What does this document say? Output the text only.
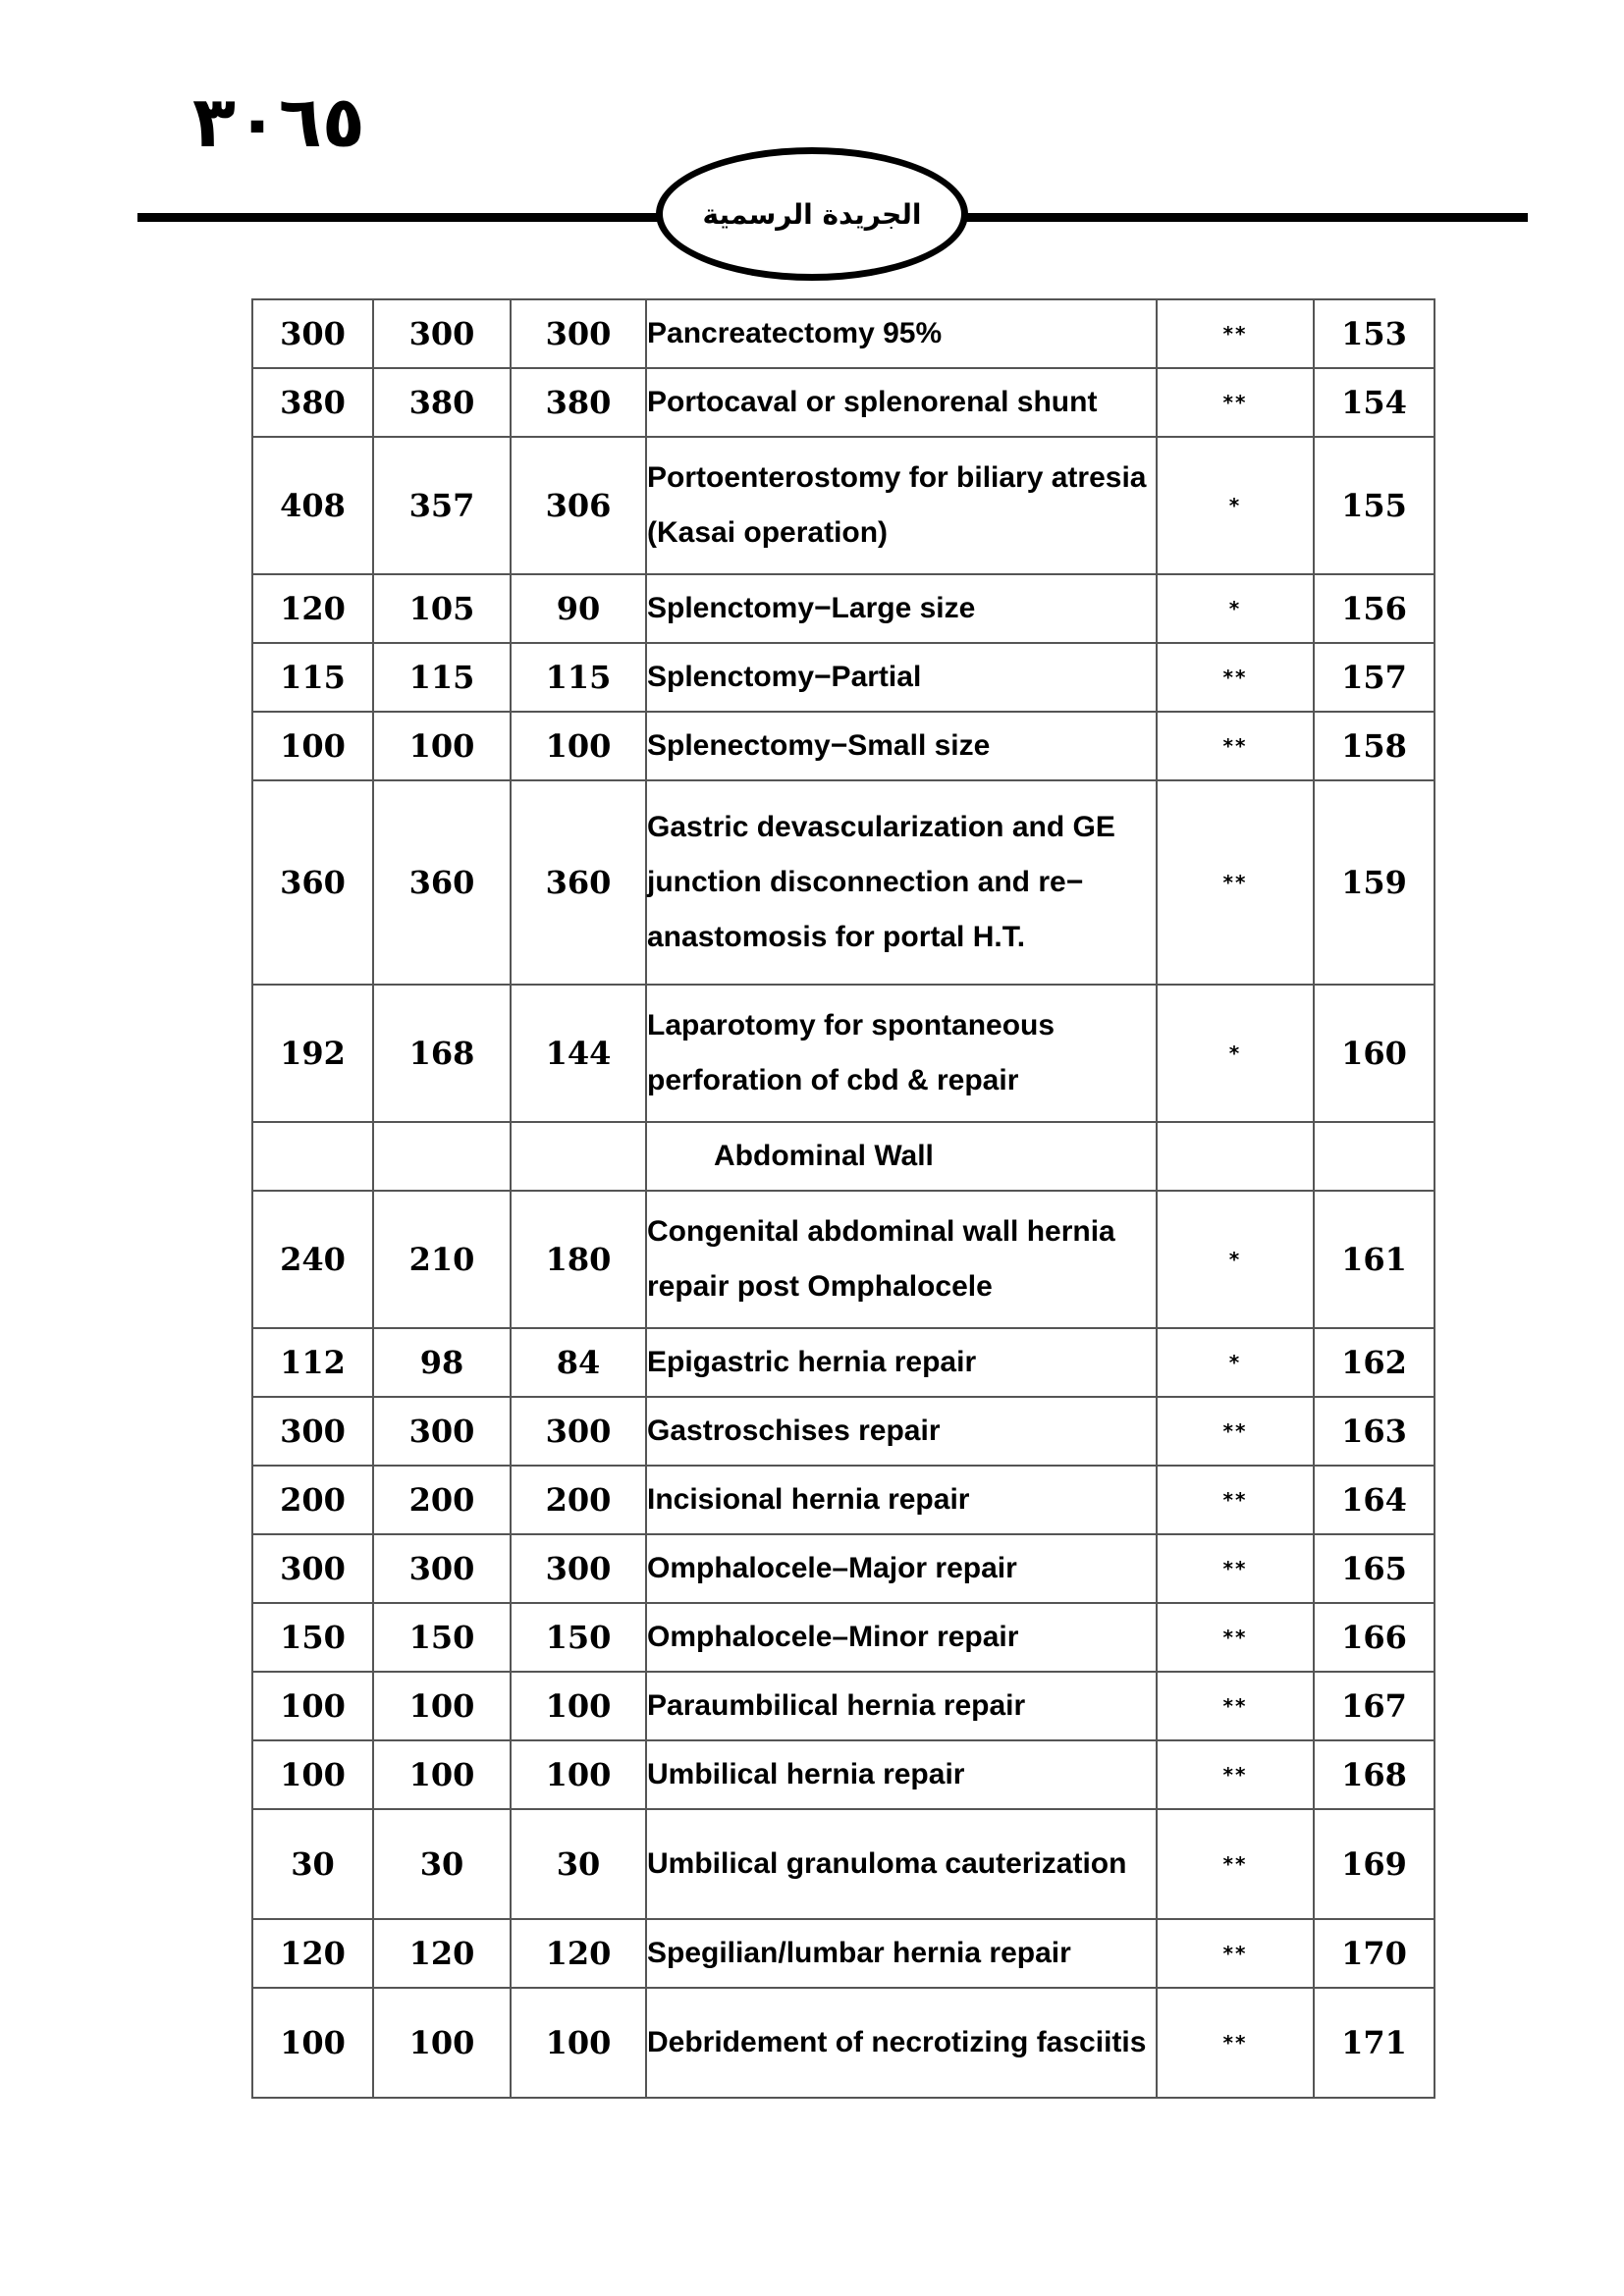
٣٠٦٥
الجريدة الرسمية
300	300	300	Pancreatectomy 95%	**	153
380	380	380	Portocaval or splenorenal shunt	**	154
408	357	306	Portoenterostomy for biliary atresia (Kasai operation)	*	155
120	105	90	Splenctomy−Large size	*	156
115	115	115	Splenctomy−Partial	**	157
100	100	100	Splenectomy−Small size	**	158
360	360	360	Gastric devascularization and GE junction disconnection and re− anastomosis for portal H.T.	**	159
192	168	144	Laparotomy for spontaneous perforation of cbd & repair	*	160
			Abdominal Wall		
240	210	180	Congenital abdominal wall hernia repair post Omphalocele	*	161
112	98	84	Epigastric hernia repair	*	162
300	300	300	Gastroschises repair	**	163
200	200	200	Incisional hernia repair	**	164
300	300	300	Omphalocele–Major repair	**	165
150	150	150	Omphalocele–Minor repair	**	166
100	100	100	Paraumbilical hernia repair	**	167
100	100	100	Umbilical hernia repair	**	168
30	30	30	Umbilical granuloma cauterization	**	169
120	120	120	Spegilian/lumbar hernia repair	**	170
100	100	100	Debridement of necrotizing fasciitis	**	171
